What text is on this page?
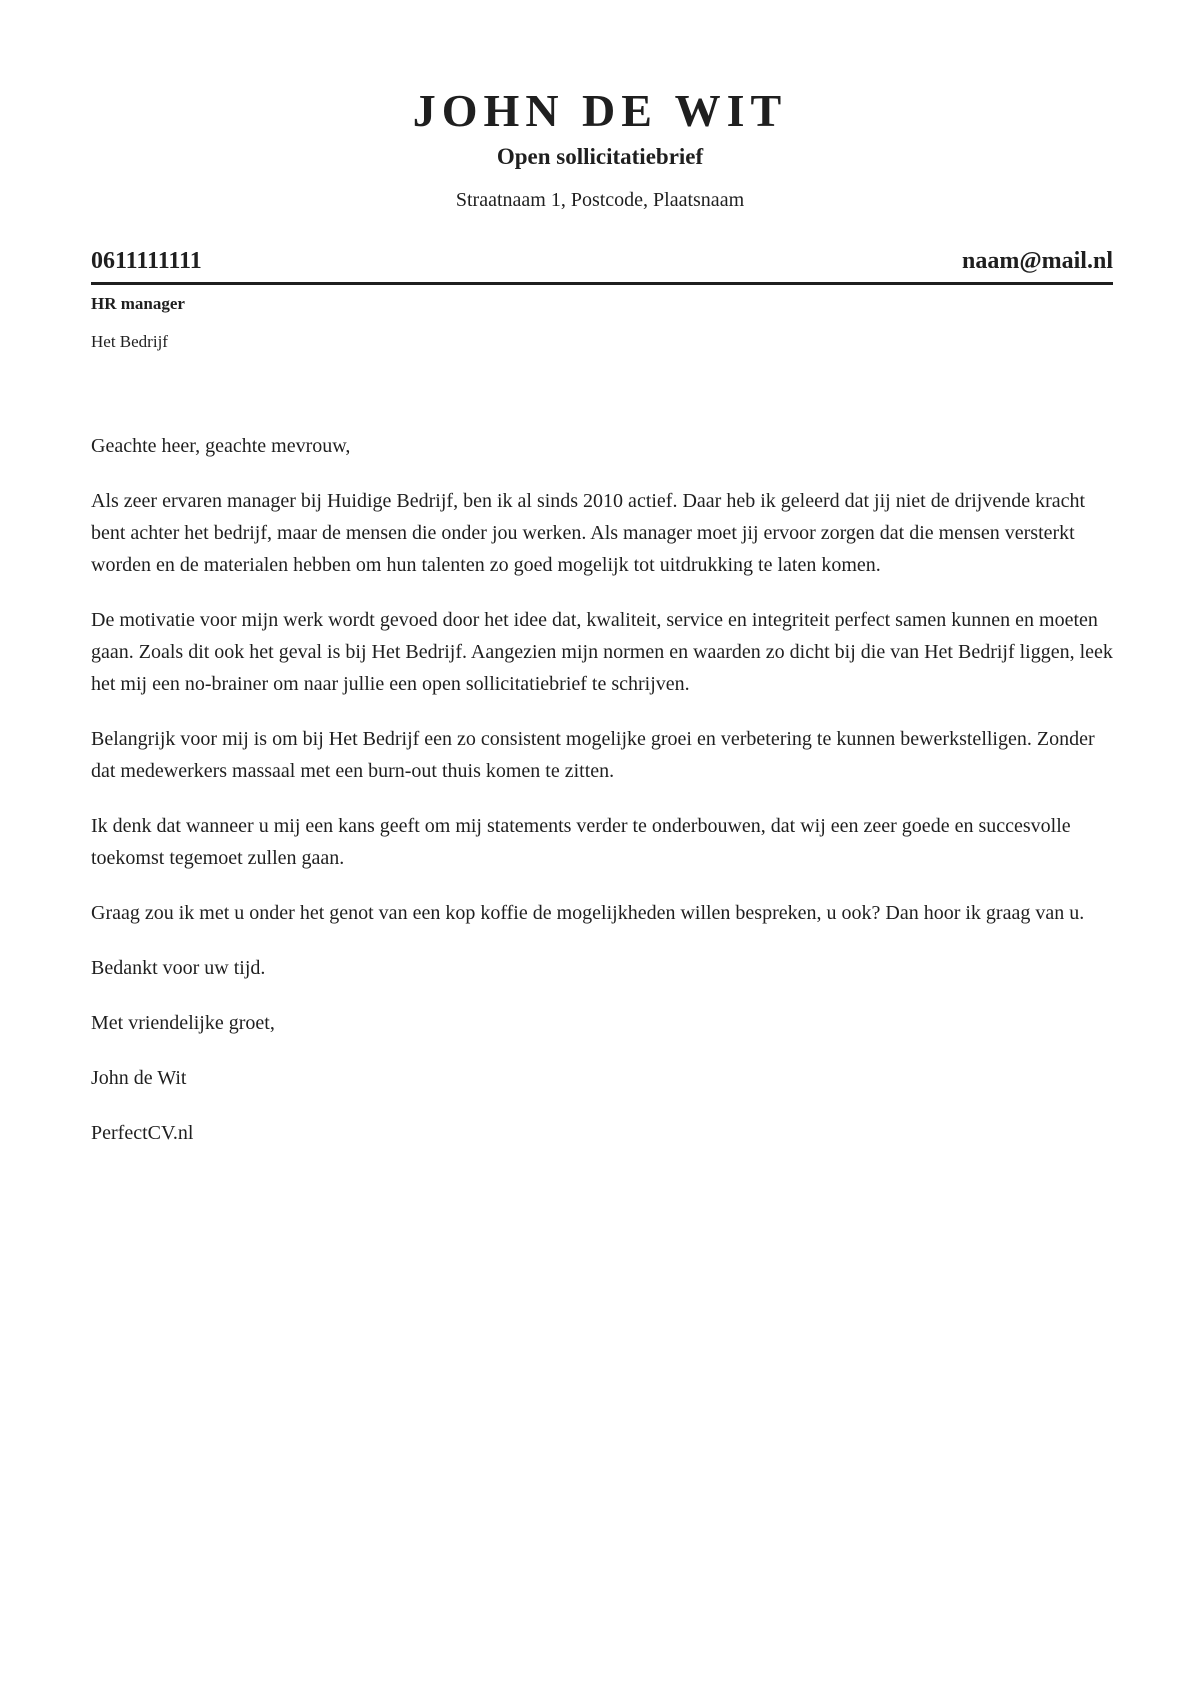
JOHN DE WIT
Open sollicitatiebrief
Straatnaam 1, Postcode, Plaatsnaam
0611111111	naam@mail.nl
HR manager
Het Bedrijf

Geachte heer, geachte mevrouw,

Als zeer ervaren manager bij Huidige Bedrijf, ben ik al sinds 2010 actief. Daar heb ik geleerd dat jij niet de drijvende kracht bent achter het bedrijf, maar de mensen die onder jou werken. Als manager moet jij ervoor zorgen dat die mensen versterkt worden en de materialen hebben om hun talenten zo goed mogelijk tot uitdrukking te laten komen.

De motivatie voor mijn werk wordt gevoed door het idee dat, kwaliteit, service en integriteit perfect samen kunnen en moeten gaan. Zoals dit ook het geval is bij Het Bedrijf. Aangezien mijn normen en waarden zo dicht bij die van Het Bedrijf liggen, leek het mij een no-brainer om naar jullie een open sollicitatiebrief te schrijven.

Belangrijk voor mij is om bij Het Bedrijf een zo consistent mogelijke groei en verbetering te kunnen bewerkstelligen. Zonder dat medewerkers massaal met een burn-out thuis komen te zitten.

Ik denk dat wanneer u mij een kans geeft om mij statements verder te onderbouwen, dat wij een zeer goede en succesvolle toekomst tegemoet zullen gaan.

Graag zou ik met u onder het genot van een kop koffie de mogelijkheden willen bespreken, u ook? Dan hoor ik graag van u.

Bedankt voor uw tijd.

Met vriendelijke groet,

John de Wit

PerfectCV.nl
